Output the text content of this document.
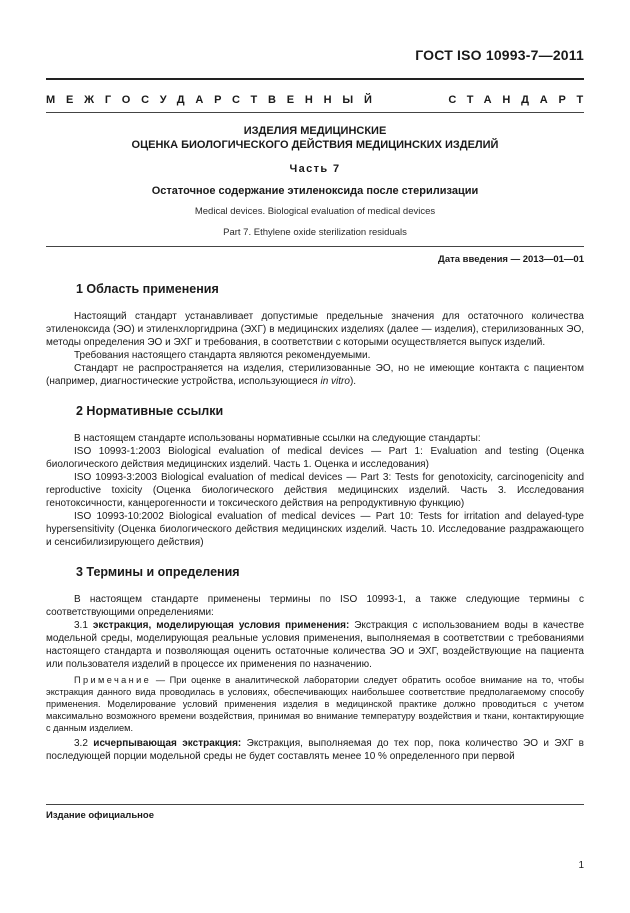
ГОСТ ISO 10993-7—2011
МЕЖГОСУДАРСТВЕННЫЙ	СТАНДАРТ
ИЗДЕЛИЯ МЕДИЦИНСКИЕ
ОЦЕНКА БИОЛОГИЧЕСКОГО ДЕЙСТВИЯ МЕДИЦИНСКИХ ИЗДЕЛИЙ
Часть 7
Остаточное содержание этиленоксида после стерилизации
Medical devices. Biological evaluation of medical devices
Part 7. Ethylene oxide sterilization residuals
Дата введения — 2013—01—01
1 Область применения

Настоящий стандарт устанавливает допустимые предельные значения для остаточного количества этиленоксида (ЭО) и этиленхлоргидрина (ЭХГ) в медицинских изделиях (далее — изделия), стерилизованных ЭО, методы определения ЭО и ЭХГ и требования, в соответствии с которыми осуществляется выпуск изделий.

Требования настоящего стандарта являются рекомендуемыми.

Стандарт не распространяется на изделия, стерилизованные ЭО, но не имеющие контакта с пациентом (например, диагностические устройства, использующиеся in vitro).

2 Нормативные ссылки

В настоящем стандарте использованы нормативные ссылки на следующие стандарты:

ISO 10993-1:2003 Biological evaluation of medical devices — Part 1: Evaluation and testing (Оценка биологического действия медицинских изделий. Часть 1. Оценка и исследования)

ISO 10993-3:2003 Biological evaluation of medical devices — Part 3: Tests for genotoxicity, carcinogenicity and reproductive toxicity (Оценка биологического действия медицинских изделий. Часть 3. Исследования генотоксичности, канцерогенности и токсического действия на репродуктивную функцию)

ISO 10993-10:2002 Biological evaluation of medical devices — Part 10: Tests for irritation and delayed-type hypersensitivity (Оценка биологического действия медицинских изделий. Часть 10. Исследование раздражающего и сенсибилизирующего действия)

3 Термины и определения

В настоящем стандарте применены термины по ISO 10993-1, а также следующие термины с соответствующими определениями:

3.1 экстракция, моделирующая условия применения: Экстракция с использованием воды в качестве модельной среды, моделирующая реальные условия применения, выполняемая в соответствии с требованиями настоящего стандарта и позволяющая оценить остаточные количества ЭО и ЭХГ, воздействующие на пациента или пользователя изделий в процессе их применения по назначению.

Примечание — При оценке в аналитической лаборатории следует обратить особое внимание на то, чтобы экстракция данного вида проводилась в условиях, обеспечивающих наибольшее соответствие предполагаемому способу применения. Моделирование условий применения изделия в медицинской практике должно проводиться с учетом максимально возможного времени воздействия, принимая во внимание температуру воздействия и ткани, контактирующие с данным изделием.

3.2 исчерпывающая экстракция: Экстракция, выполняемая до тех пор, пока количество ЭО и ЭХГ в последующей порции модельной среды не будет составлять менее 10 % определенного при первой

Издание официальное
1
